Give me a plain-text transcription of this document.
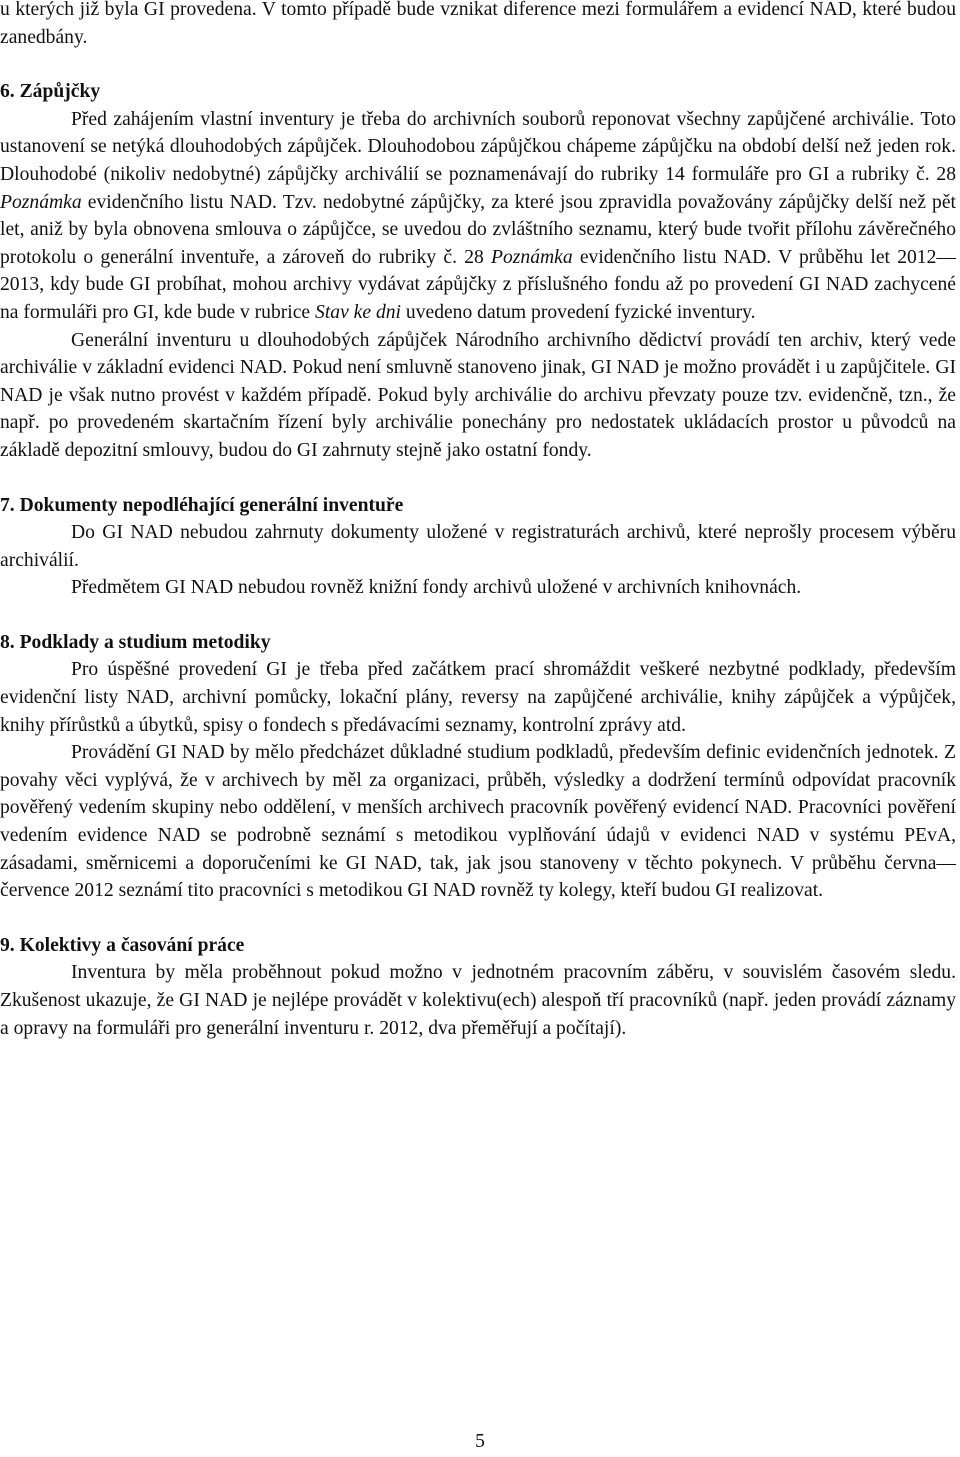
u kterých již byla GI provedena. V tomto případě bude vznikat diference mezi formulářem a evidencí NAD, které budou zanedbány.

6. Zápůjčky

Před zahájením vlastní inventury je třeba do archivních souborů reponovat všechny zapůjčené archiválie. Toto ustanovení se netýká dlouhodobých zápůjček. Dlouhodobou zápůjčkou chápeme zápůjčku na období delší než jeden rok. Dlouhodobé (nikoliv nedobytné) zápůjčky archiválií se poznamenávají do rubriky 14 formuláře pro GI a rubriky č. 28 Poznámka evidenčního listu NAD. Tzv. nedobytné zápůjčky, za které jsou zpravidla považovány zápůjčky delší než pět let, aniž by byla obnovena smlouva o zápůjčce, se uvedou do zvláštního seznamu, který bude tvořit přílohu závěrečného protokolu o generální inventuře, a zároveň do rubriky č. 28 Poznámka evidenčního listu NAD. V průběhu let 2012—2013, kdy bude GI probíhat, mohou archivy vydávat zápůjčky z příslušného fondu až po provedení GI NAD zachycené na formuláři pro GI, kde bude v rubrice Stav ke dni uvedeno datum provedení fyzické inventury.

Generální inventuru u dlouhodobých zápůjček Národního archivního dědictví provádí ten archiv, který vede archiválie v základní evidenci NAD. Pokud není smluvně stanoveno jinak, GI NAD je možno provádět i u zapůjčitele. GI NAD je však nutno provést v každém případě. Pokud byly archiválie do archivu převzaty pouze tzv. evidenčně, tzn., že např. po provedeném skartačním řízení byly archiválie ponechány pro nedostatek ukládacích prostor u původců na základě depozitní smlouvy, budou do GI zahrnuty stejně jako ostatní fondy.

7. Dokumenty nepodléhající generální inventuře

Do GI NAD nebudou zahrnuty dokumenty uložené v registraturách archivů, které neprošly procesem výběru archiválií.

Předmětem GI NAD nebudou rovněž knižní fondy archivů uložené v archivních knihovnách.

8. Podklady a studium metodiky

Pro úspěšné provedení GI je třeba před začátkem prací shromáždit veškeré nezbytné podklady, především evidenční listy NAD, archivní pomůcky, lokační plány, reversy na zapůjčené archiválie, knihy zápůjček a výpůjček, knihy přírůstků a úbytků, spisy o fondech s předávacími seznamy, kontrolní zprávy atd.

Provádění GI NAD by mělo předcházet důkladné studium podkladů, především definic evidenčních jednotek. Z povahy věci vyplývá, že v archivech by měl za organizaci, průběh, výsledky a dodržení termínů odpovídat pracovník pověřený vedením skupiny nebo oddělení, v menších archivech pracovník pověřený evidencí NAD. Pracovníci pověření vedením evidence NAD se podrobně seznámí s metodikou vyplňování údajů v evidenci NAD v systému PEvA, zásadami, směrnicemi a doporučeními ke GI NAD, tak, jak jsou stanoveny v těchto pokynech. V průběhu června—července 2012 seznámí tito pracovníci s metodikou GI NAD rovněž ty kolegy, kteří budou GI realizovat.

9. Kolektivy a časování práce

Inventura by měla proběhnout pokud možno v jednotném pracovním záběru, v souvislém časovém sledu. Zkušenost ukazuje, že GI NAD je nejlépe provádět v kolektivu(ech) alespoň tří pracovníků (např. jeden provádí záznamy a opravy na formuláři pro generální inventuru r. 2012, dva přeměřují a počítají).

5
